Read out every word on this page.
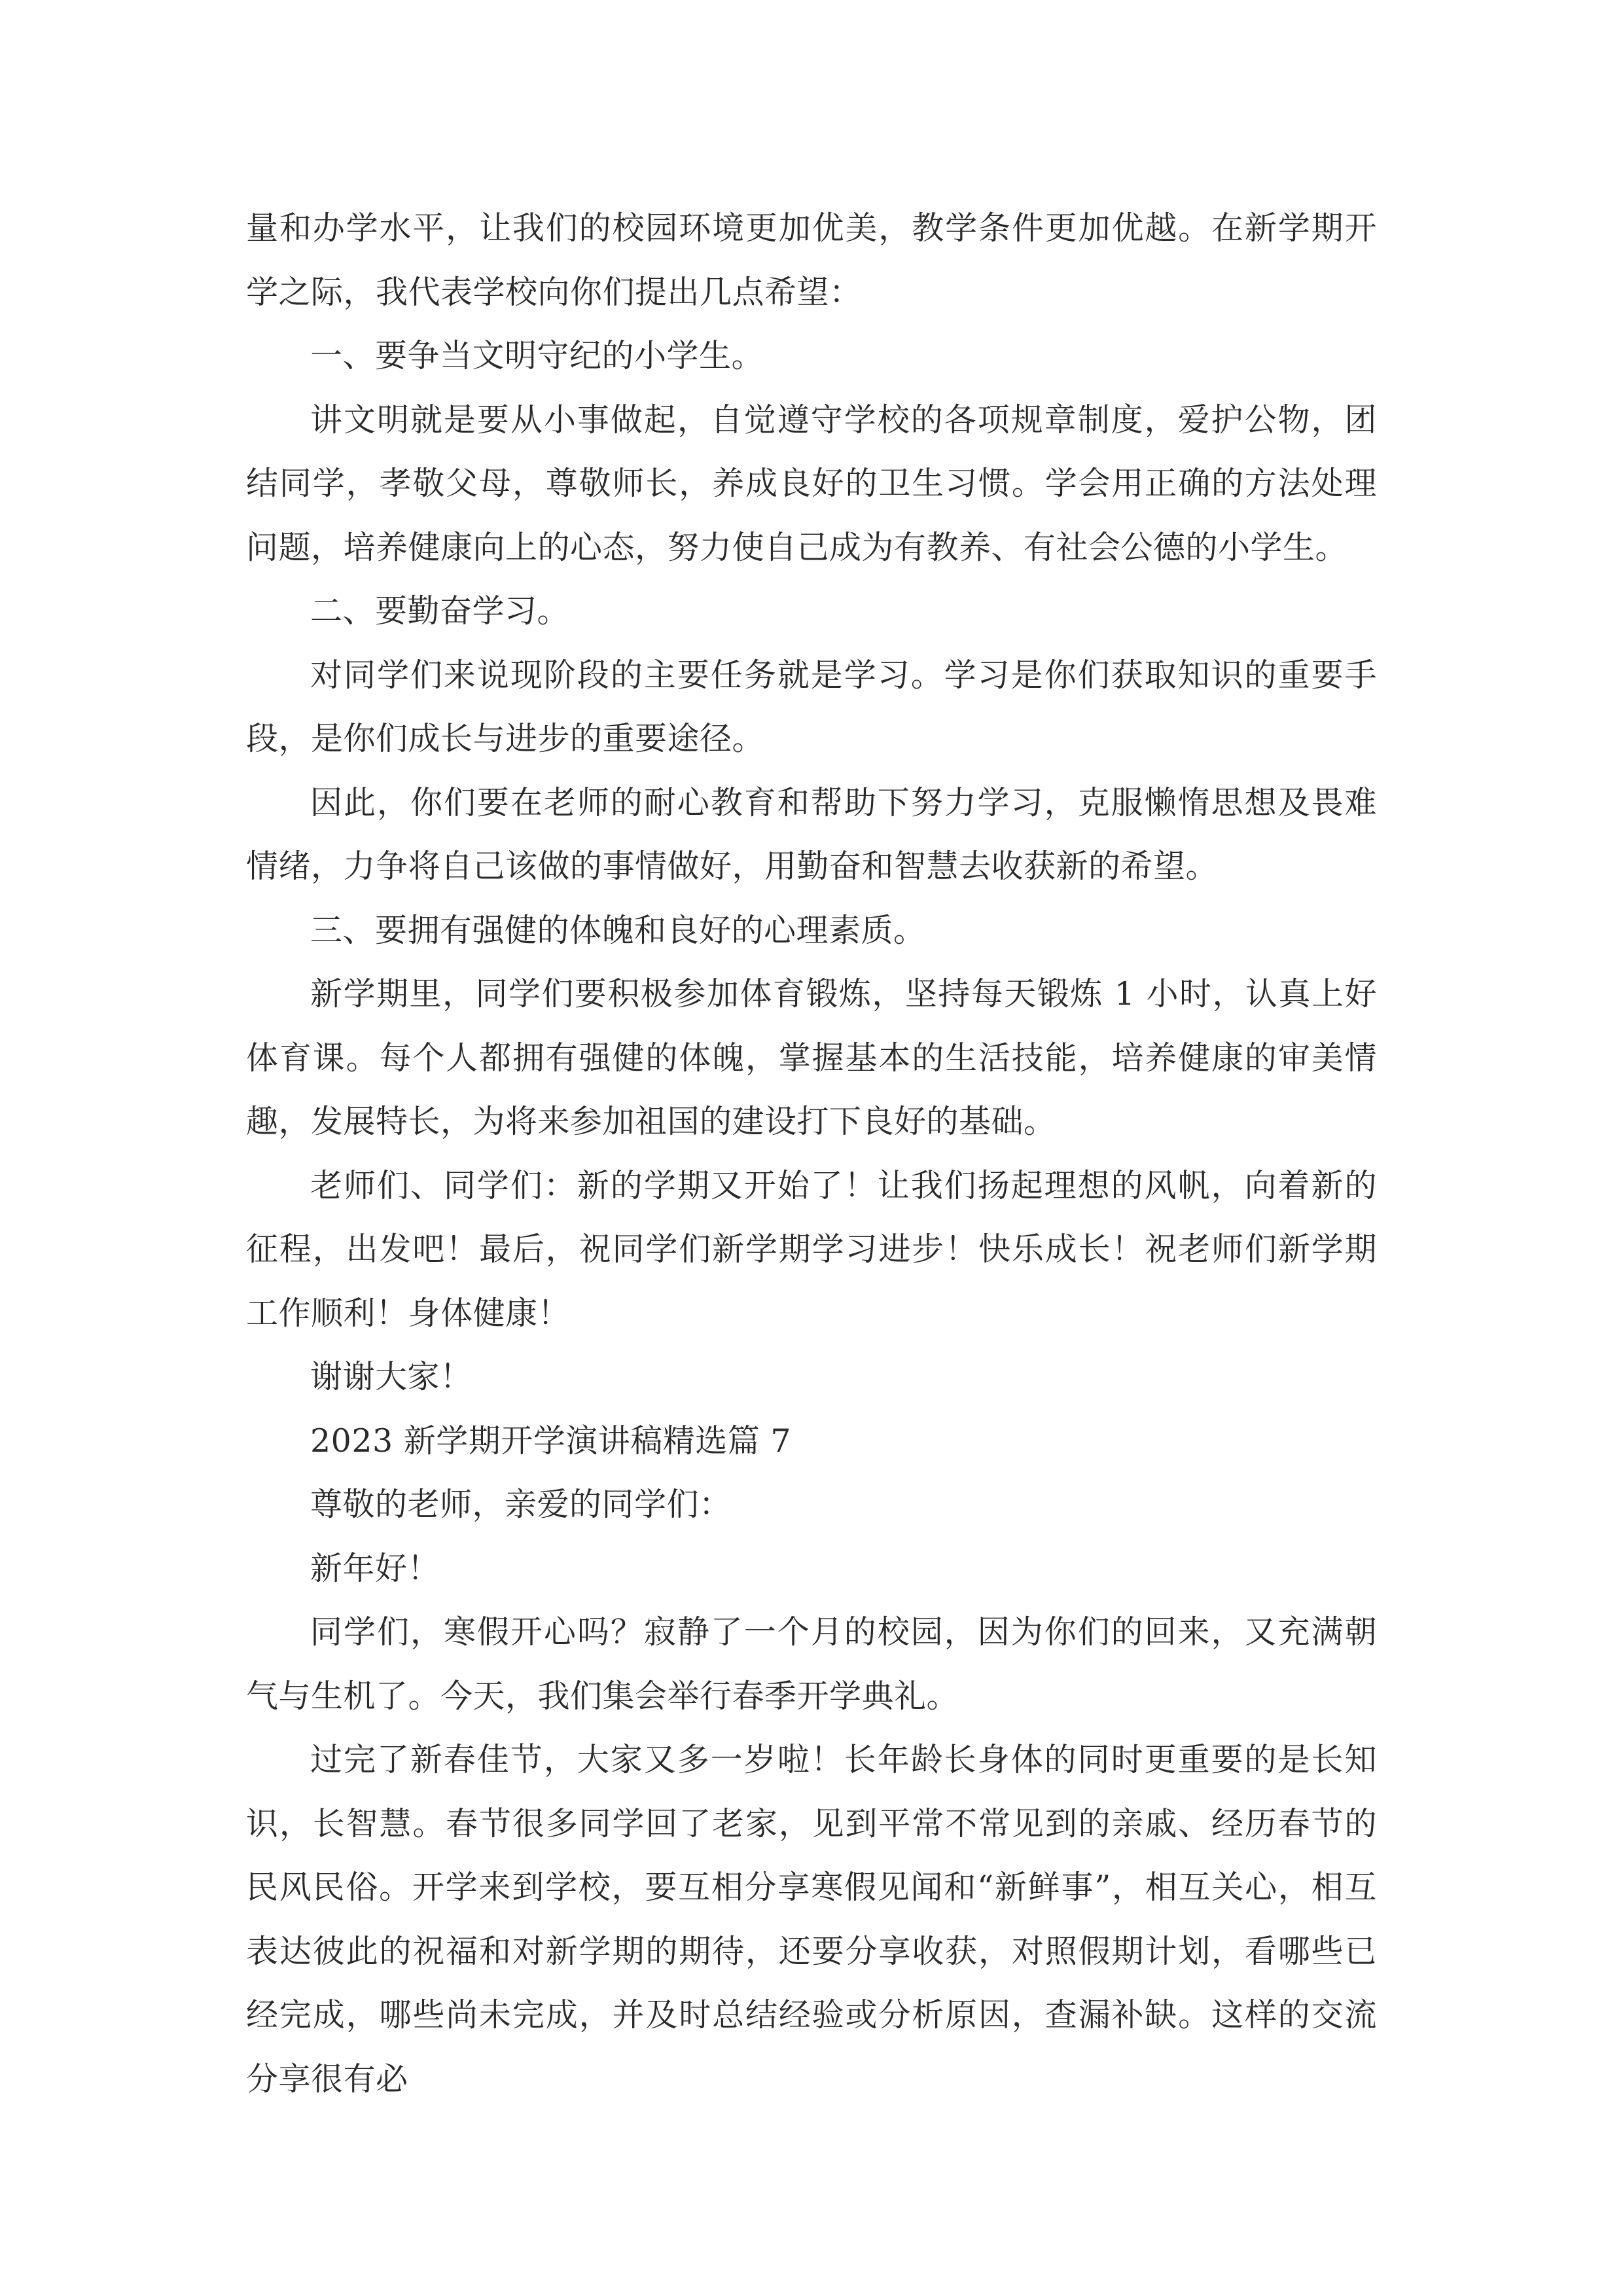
量和办学水平，让我们的校园环境更加优美，教学条件更加优越。在新学期开学之际，我代表学校向你们提出几点希望：

一、要争当文明守纪的小学生。

讲文明就是要从小事做起，自觉遵守学校的各项规章制度，爱护公物，团结同学，孝敬父母，尊敬师长，养成良好的卫生习惯。学会用正确的方法处理问题，培养健康向上的心态，努力使自己成为有教养、有社会公德的小学生。

二、要勤奋学习。

对同学们来说现阶段的主要任务就是学习。学习是你们获取知识的重要手段，是你们成长与进步的重要途径。

因此，你们要在老师的耐心教育和帮助下努力学习，克服懒惰思想及畏难情绪，力争将自己该做的事情做好，用勤奋和智慧去收获新的希望。

三、要拥有强健的体魄和良好的心理素质。

新学期里，同学们要积极参加体育锻炼，坚持每天锻炼 1 小时，认真上好体育课。每个人都拥有强健的体魄，掌握基本的生活技能，培养健康的审美情趣，发展特长，为将来参加祖国的建设打下良好的基础。

老师们、同学们：新的学期又开始了！让我们扬起理想的风帆，向着新的征程，出发吧！最后，祝同学们新学期学习进步！快乐成长！祝老师们新学期工作顺利！身体健康！

谢谢大家！

2023 新学期开学演讲稿精选篇 7

尊敬的老师，亲爱的同学们：

新年好！

同学们，寒假开心吗？寂静了一个月的校园，因为你们的回来，又充满朝气与生机了。今天，我们集会举行春季开学典礼。

过完了新春佳节，大家又多一岁啦！长年龄长身体的同时更重要的是长知识，长智慧。春节很多同学回了老家，见到平常不常见到的亲戚、经历春节的民风民俗。开学来到学校，要互相分享寒假见闻和“新鲜事”，相互关心，相互表达彼此的祝福和对新学期的期待，还要分享收获，对照假期计划，看哪些已经完成，哪些尚未完成，并及时总结经验或分析原因，查漏补缺。这样的交流分享很有必
